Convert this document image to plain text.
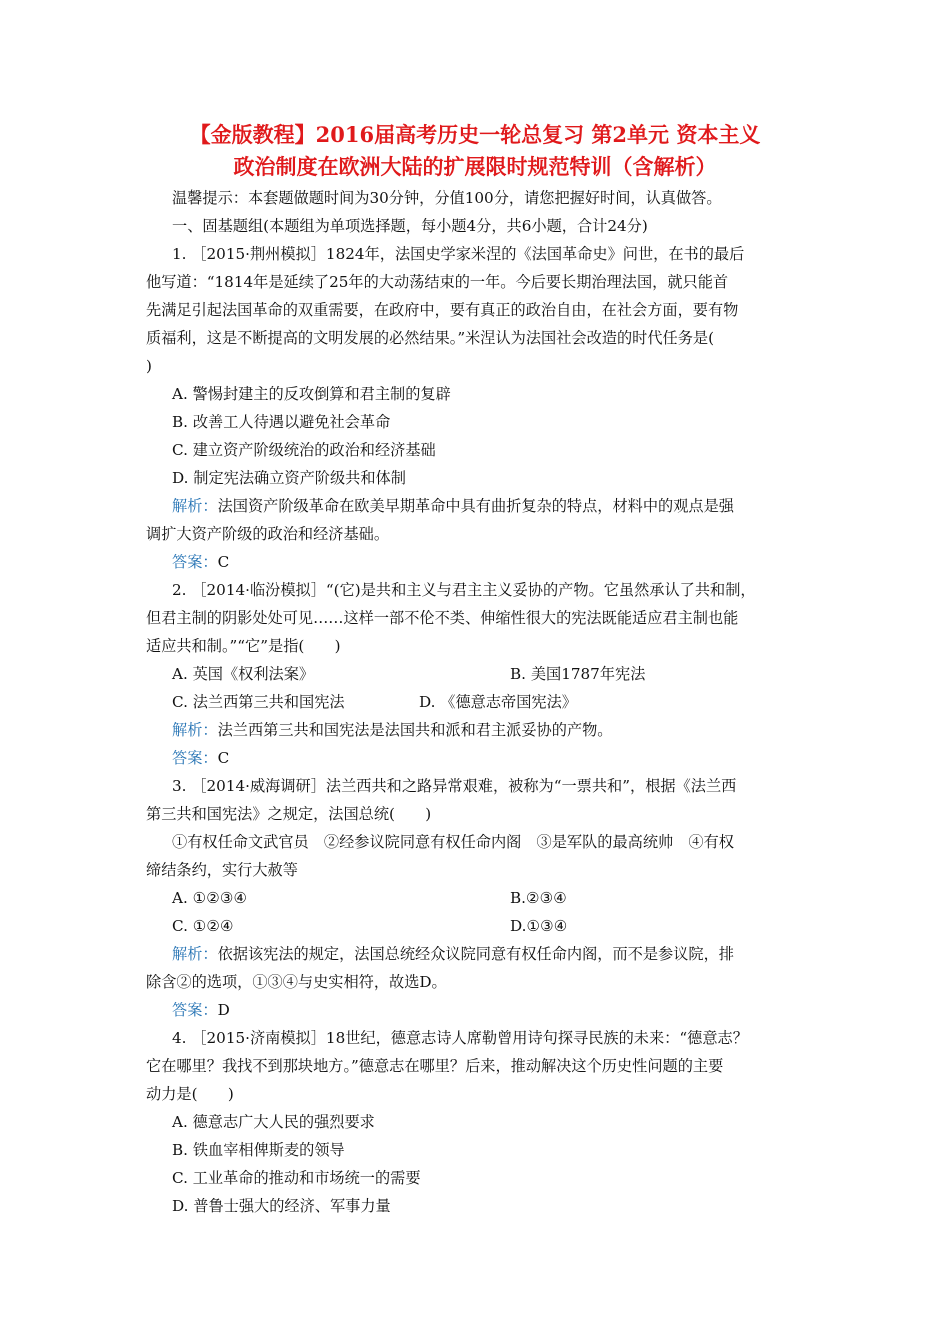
【金版教程】2016届高考历史一轮总复习 第2单元 资本主义
政治制度在欧洲大陆的扩展限时规范特训（含解析）
温馨提示：本套题做题时间为30分钟，分值100分，请您把握好时间，认真做答。
一、固基题组(本题组为单项选择题，每小题4分，共6小题，合计24分)
1. ［2015·荆州模拟］1824年，法国史学家米涅的《法国革命史》问世，在书的最后
他写道：“1814年是延续了25年的大动荡结束的一年。今后要长期治理法国，就只能首
先满足引起法国革命的双重需要，在政府中，要有真正的政治自由，在社会方面，要有物
质福利，这是不断提高的文明发展的必然结果。”米涅认为法国社会改造的时代任务是(
)
A. 警惕封建主的反攻倒算和君主制的复辟
B. 改善工人待遇以避免社会革命
C. 建立资产阶级统治的政治和经济基础
D. 制定宪法确立资产阶级共和体制
解析：法国资产阶级革命在欧美早期革命中具有曲折复杂的特点，材料中的观点是强
调扩大资产阶级的政治和经济基础。
答案：C
2. ［2014·临汾模拟］“(它)是共和主义与君主主义妥协的产物。它虽然承认了共和制，
但君主制的阴影处处可见……这样一部不伦不类、伸缩性很大的宪法既能适应君主制也能
适应共和制。”“它”是指(　　)
A. 英国《权利法案》	B. 美国1787年宪法
C. 法兰西第三共和国宪法	D. 《德意志帝国宪法》
解析：法兰西第三共和国宪法是法国共和派和君主派妥协的产物。
答案：C
3. ［2014·威海调研］法兰西共和之路异常艰难，被称为“一票共和”，根据《法兰西
第三共和国宪法》之规定，法国总统(　　)
①有权任命文武官员　②经参议院同意有权任命内阁　③是军队的最高统帅　④有权
缔结条约，实行大赦等
A. ①②③④	B.②③④
C. ①②④	D.①③④
解析：依据该宪法的规定，法国总统经众议院同意有权任命内阁，而不是参议院，排
除含②的选项，①③④与史实相符，故选D。
答案：D
4. ［2015·济南模拟］18世纪，德意志诗人席勒曾用诗句探寻民族的未来：“德意志？
它在哪里？我找不到那块地方。”德意志在哪里？后来，推动解决这个历史性问题的主要
动力是(　　)
A. 德意志广大人民的强烈要求
B. 铁血宰相俾斯麦的领导
C. 工业革命的推动和市场统一的需要
D. 普鲁士强大的经济、军事力量
